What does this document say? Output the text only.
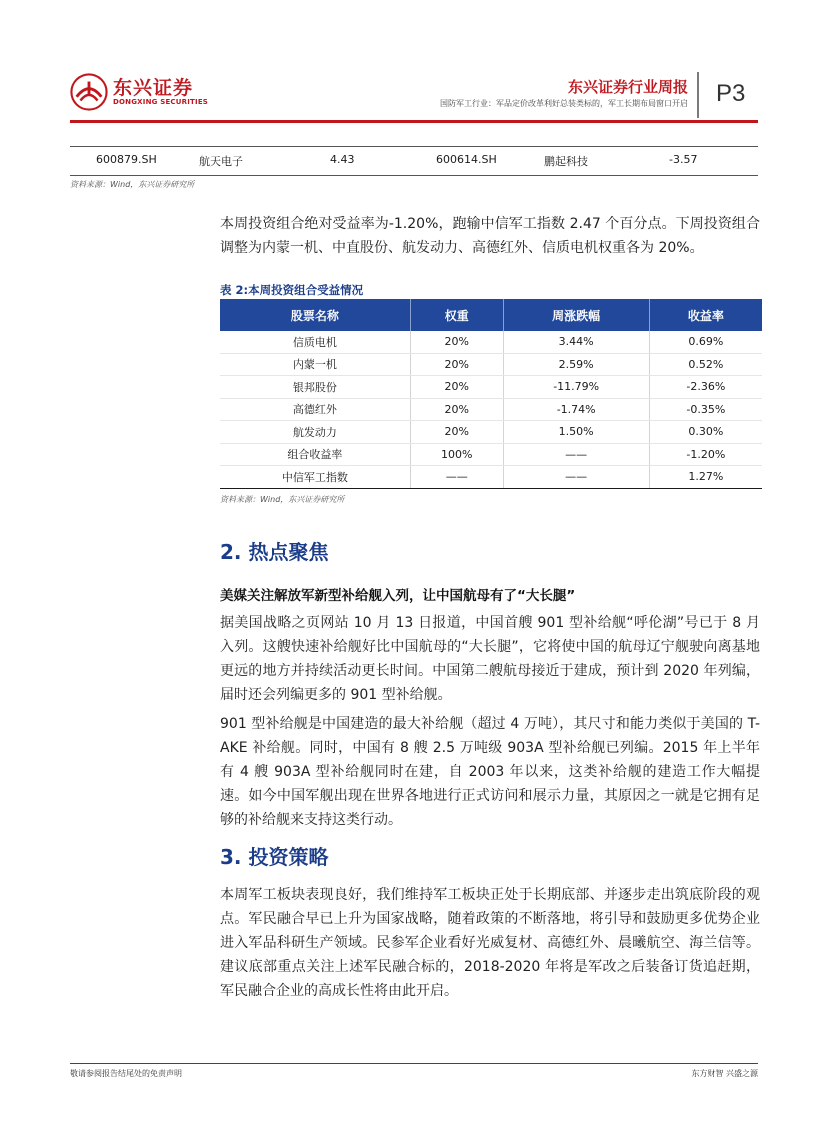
东兴证券
DONGXING SECURITIES
东兴证券行业周报
国防军工行业：军品定价改革利好总装类标的，军工长期布局窗口开启 P3
600879.SH	航天电子	4.43	600614.SH	鹏起科技	-3.57
资料来源：Wind，东兴证券研究所
本周投资组合绝对受益率为-1.20%，跑输中信军工指数 2.47 个百分点。下周投资组合调整为内蒙一机、中直股份、航发动力、高德红外、信质电机权重各为 20%。
表 2:本周投资组合受益情况
股票名称	权重	周涨跌幅	收益率
信质电机	20%	3.44%	0.69%
内蒙一机	20%	2.59%	0.52%
银邦股份	20%	-11.79%	-2.36%
高德红外	20%	-1.74%	-0.35%
航发动力	20%	1.50%	0.30%
组合收益率	100%	——	-1.20%
中信军工指数	——	——	1.27%
资料来源：Wind，东兴证券研究所
2. 热点聚焦
美媒关注解放军新型补给舰入列，让中国航母有了“大长腿”
据美国战略之页网站 10 月 13 日报道，中国首艘 901 型补给舰“呼伦湖”号已于 8 月入列。这艘快速补给舰好比中国航母的“大长腿”，它将使中国的航母辽宁舰驶向离基地更远的地方并持续活动更长时间。中国第二艘航母接近于建成，预计到 2020 年列编，届时还会列编更多的 901 型补给舰。
901 型补给舰是中国建造的最大补给舰（超过 4 万吨），其尺寸和能力类似于美国的 T-AKE 补给舰。同时，中国有 8 艘 2.5 万吨级 903A 型补给舰已列编。2015 年上半年有 4 艘 903A 型补给舰同时在建，自 2003 年以来，这类补给舰的建造工作大幅提速。如今中国军舰出现在世界各地进行正式访问和展示力量，其原因之一就是它拥有足够的补给舰来支持这类行动。
3. 投资策略
本周军工板块表现良好，我们维持军工板块正处于长期底部、并逐步走出筑底阶段的观点。军民融合早已上升为国家战略，随着政策的不断落地，将引导和鼓励更多优势企业进入军品科研生产领域。民参军企业看好光威复材、高德红外、晨曦航空、海兰信等。建议底部重点关注上述军民融合标的，2018-2020 年将是军改之后装备订货追赶期，军民融合企业的高成长性将由此开启。
敬请参阅报告结尾处的免责声明	东方财智 兴盛之源
